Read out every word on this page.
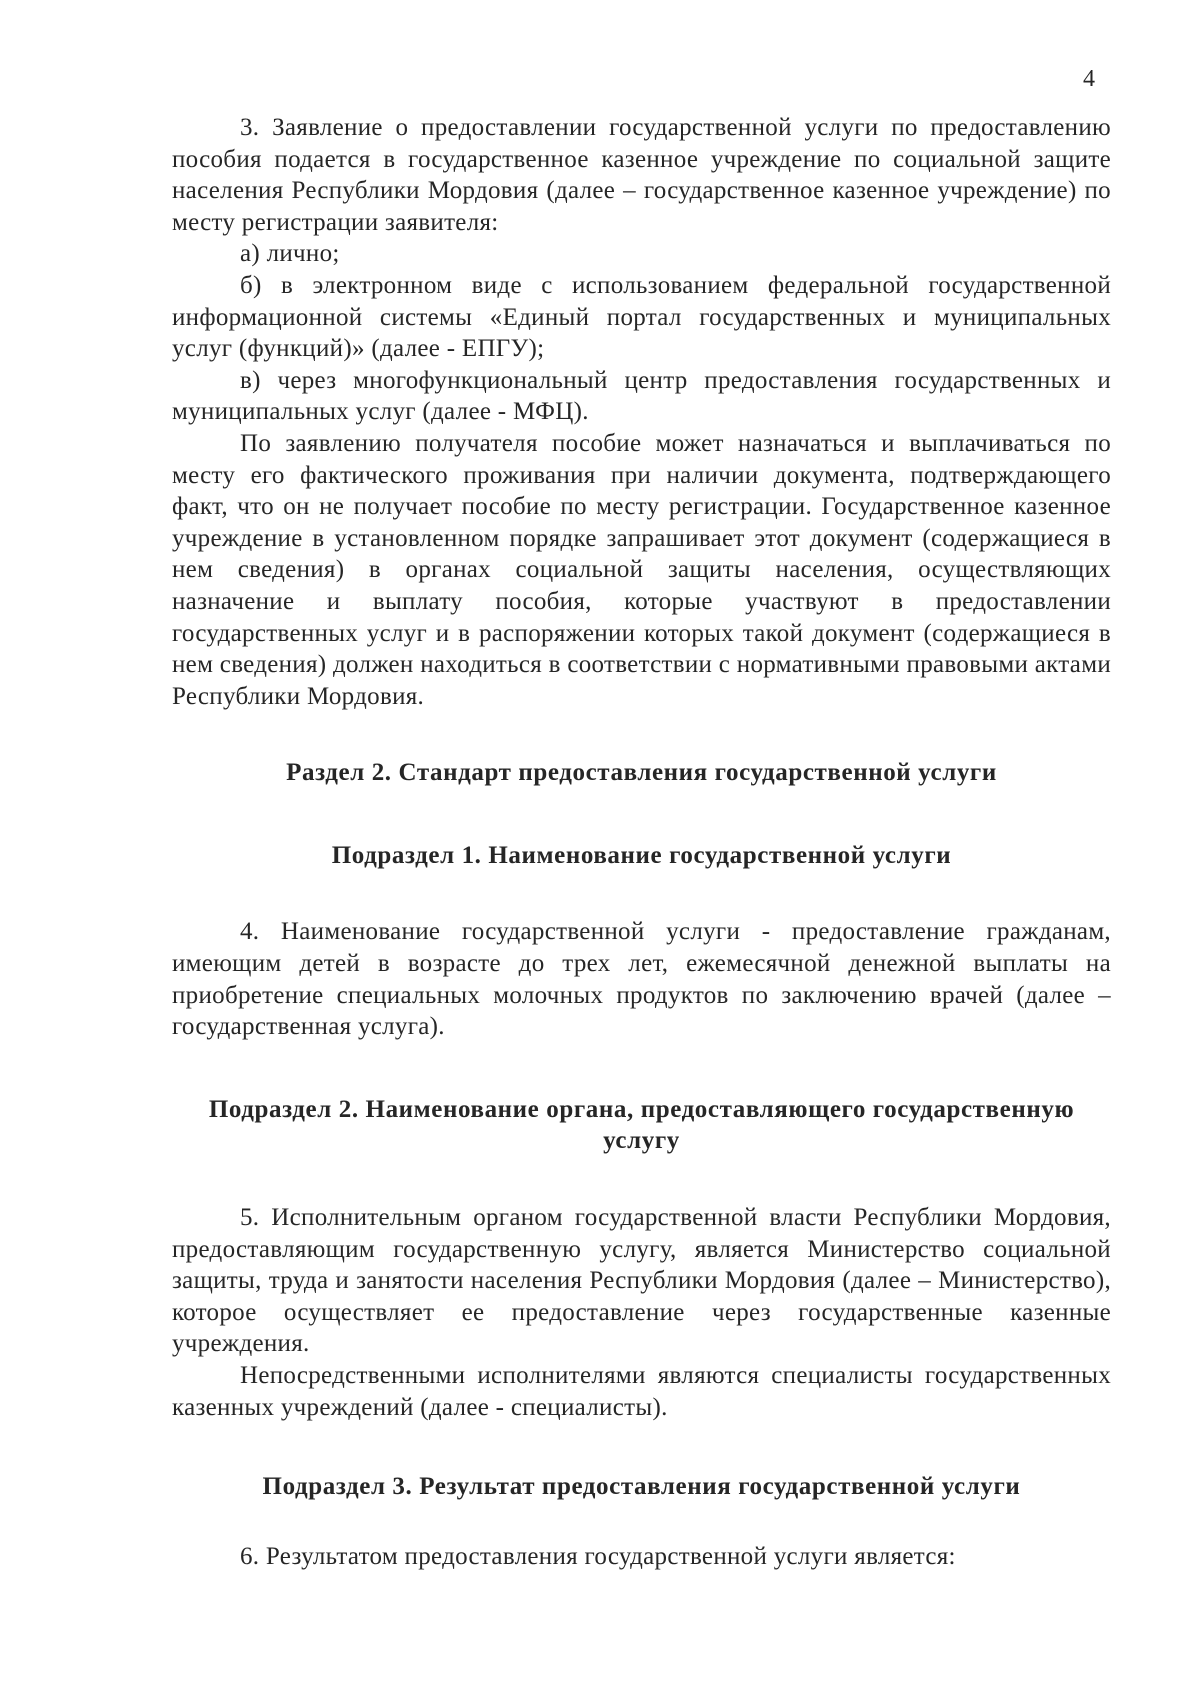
4

3. Заявление о предоставлении государственной услуги по предоставлению пособия подается в государственное казенное учреждение по социальной защите населения Республики Мордовия (далее – государственное казенное учреждение) по месту регистрации заявителя:

а) лично;

б) в электронном виде с использованием федеральной государственной информационной системы «Единый портал государственных и муниципальных услуг (функций)» (далее - ЕПГУ);

в) через многофункциональный центр предоставления государственных и муниципальных услуг (далее - МФЦ).

По заявлению получателя пособие может назначаться и выплачиваться по месту его фактического проживания при наличии документа, подтверждающего факт, что он не получает пособие по месту регистрации. Государственное казенное учреждение в установленном порядке запрашивает этот документ (содержащиеся в нем сведения) в органах социальной защиты населения, осуществляющих назначение и выплату пособия, которые участвуют в предоставлении государственных услуг и в распоряжении которых такой документ (содержащиеся в нем сведения) должен находиться в соответствии с нормативными правовыми актами Республики Мордовия.

Раздел 2. Стандарт предоставления государственной услуги
Подраздел 1. Наименование государственной услуги

4. Наименование государственной услуги - предоставление гражданам, имеющим детей в возрасте до трех лет, ежемесячной денежной выплаты на приобретение специальных молочных продуктов по заключению врачей (далее – государственная услуга).

Подраздел 2. Наименование органа, предоставляющего государственную услугу

5. Исполнительным органом государственной власти Республики Мордовия, предоставляющим государственную услугу, является Министерство социальной защиты, труда и занятости населения Республики Мордовия (далее – Министерство), которое осуществляет ее предоставление через государственные казенные учреждения.

Непосредственными исполнителями являются специалисты государственных казенных учреждений (далее - специалисты).

Подраздел 3. Результат предоставления государственной услуги

6. Результатом предоставления государственной услуги является:
